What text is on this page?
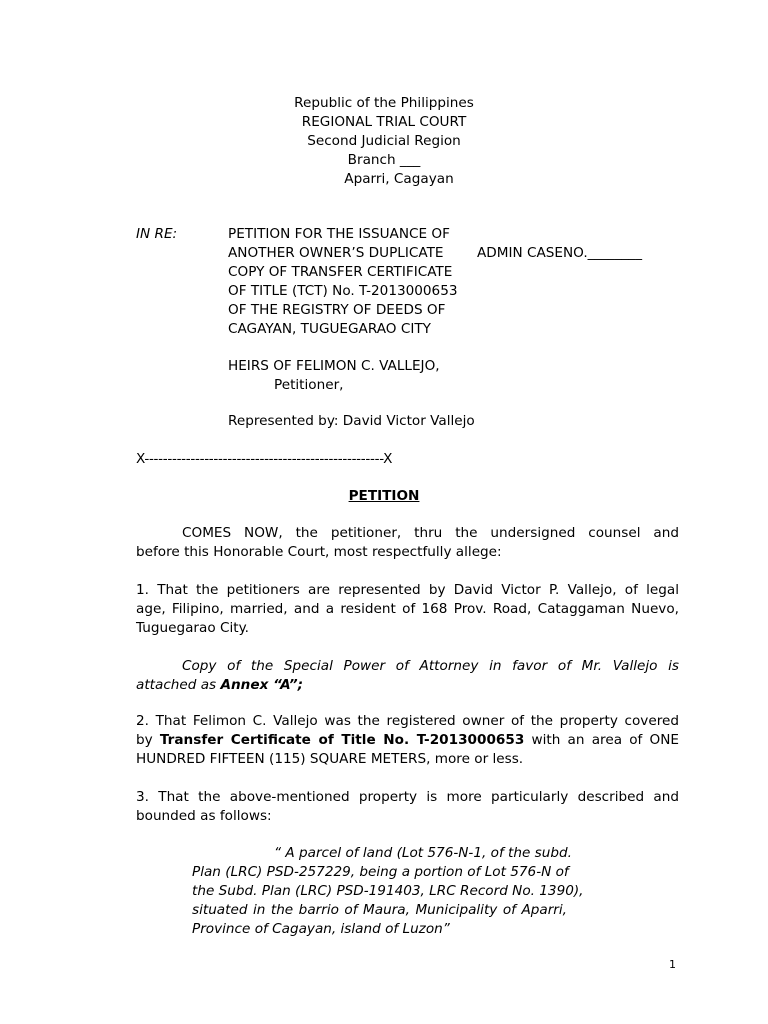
Republic of the Philippines
REGIONAL TRIAL COURT
Second Judicial Region
Branch ___
Aparri, Cagayan
IN RE:	PETITION FOR THE ISSUANCE OF
ANOTHER OWNER’S DUPLICATE
COPY OF TRANSFER CERTIFICATE
OF TITLE (TCT) No. T-2013000653
OF THE REGISTRY OF DEEDS OF
CAGAYAN, TUGUEGARAO CITY
ADMIN CASENO.________
HEIRS OF FELIMON C. VALLEJO,
Petitioner,
Represented by: David Victor Vallejo
X----------------------------------------------------X
PETITION
COMES NOW, the petitioner, thru the undersigned counsel and
before this Honorable Court, most respectfully allege:
1. That the petitioners are represented by David Victor P. Vallejo, of legal
age, Filipino, married, and a resident of 168 Prov. Road, Cataggaman Nuevo,
Tuguegarao City.
Copy of the Special Power of Attorney in favor of Mr. Vallejo is
attached as Annex “A”;
2. That Felimon C. Vallejo was the registered owner of the property covered
by Transfer Certificate of Title No. T-2013000653 with an area of ONE
HUNDRED FIFTEEN (115) SQUARE METERS, more or less.
3. That the above-mentioned property is more particularly described and
bounded as follows:
“ A parcel of land (Lot 576-N-1, of the subd.
Plan (LRC) PSD-257229, being a portion of Lot 576-N of
the Subd. Plan (LRC) PSD-191403, LRC Record No. 1390),
situated in the barrio of Maura, Municipality of Aparri,
Province of Cagayan, island of Luzon”
1
